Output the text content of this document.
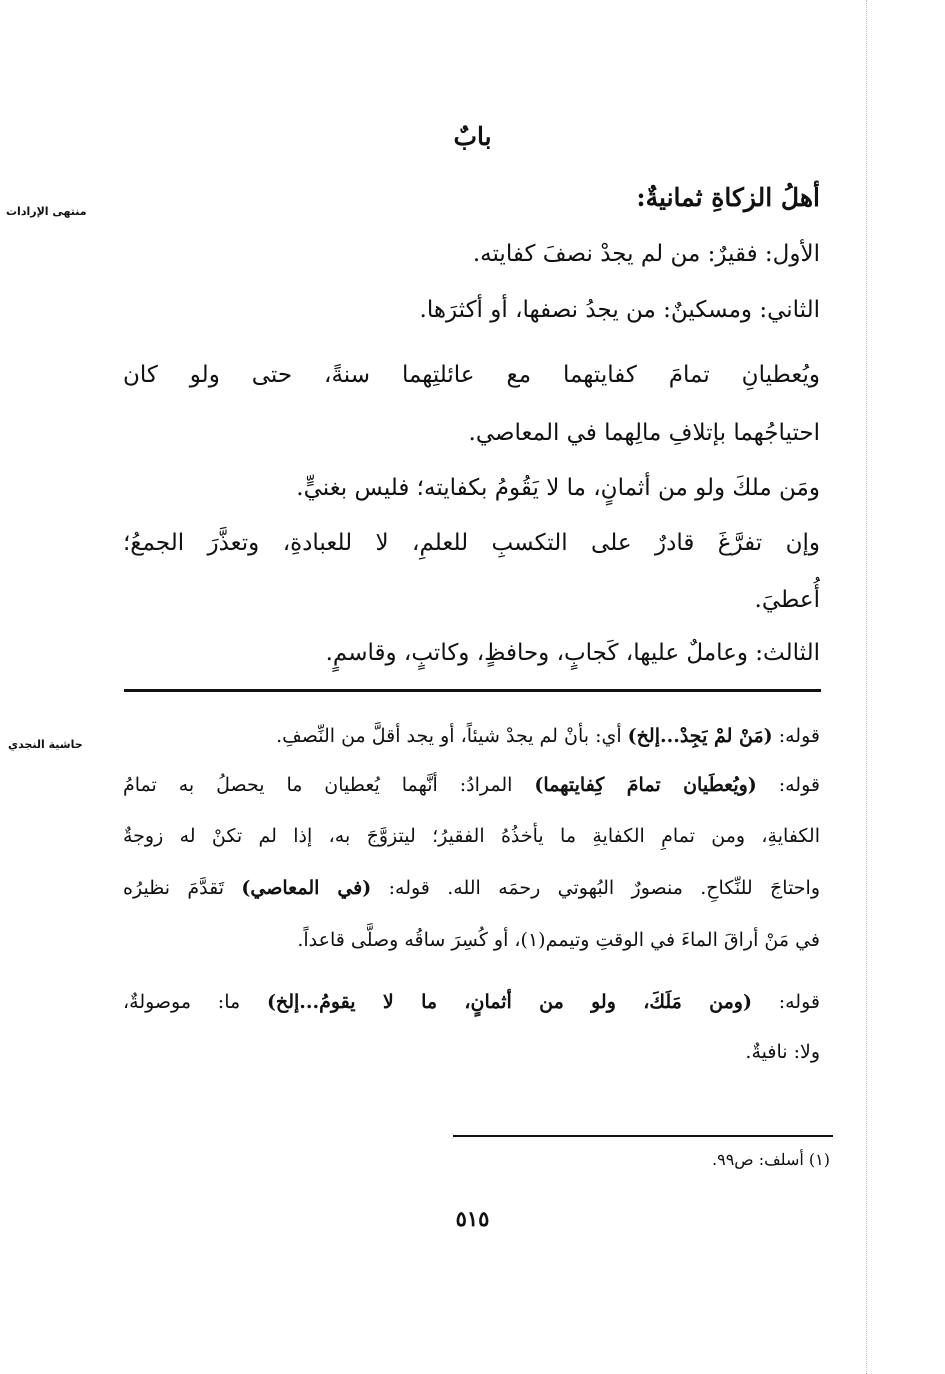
منتهى الإرادات
حاشية النجدي
بابٌ
أهلُ الزكاةِ ثمانيةٌ:
الأول: فقيرٌ: من لم يجدْ نصفَ كفايته.
الثاني: ومسكينٌ: من يجدُ نصفها، أو أكثرَها.
ويُعطيانِ تمامَ كفايتهما مع عائلتِهما سنةً، حتى ولو كان
احتياجُهما بإتلافِ مالِهما في المعاصي.
ومَن ملكَ ولو من أثمانٍ، ما لا يَقُومُ بكفايته؛ فليس بغنيٍّ.
وإن تفرَّغَ قادرٌ على التكسبِ للعلمِ، لا للعبادةِ، وتعذَّرَ الجمعُ؛
أُعطيَ.
الثالث: وعاملٌ عليها، كَجابٍ، وحافظٍ، وكاتبٍ، وقاسمٍ.
قوله: (مَنْ لمْ يَجِدْ...إلخ) أي: بأنْ لم يجدْ شيئاً، أو يجد أقلَّ من النِّصفِ.
قوله: (ويُعطَيان تمامَ كِفايتهما) المرادُ: أنَّهما يُعطيان ما يحصلُ به تمامُ
الكفايةِ، ومن تمامِ الكفايةِ ما يأخذُهُ الفقيرُ؛ ليتزوَّجَ به، إذا لم تكنْ له زوجةٌ
واحتاجَ للنِّكاحِ. منصورٌ البُهوتي رحمَه الله. قوله: (في المعاصي) تَقدَّمَ نظيرُه
في مَنْ أراقَ الماءَ في الوقتِ وتيمم(١)، أو كُسِرَ ساقُه وصلَّى قاعداً.
قوله: (ومن مَلَكَ، ولو من أثمانٍ، ما لا يقومُ...إلخ) ما: موصولةٌ،
ولا: نافيةٌ.
(١) أسلف: ص٩٩.
٥١٥
